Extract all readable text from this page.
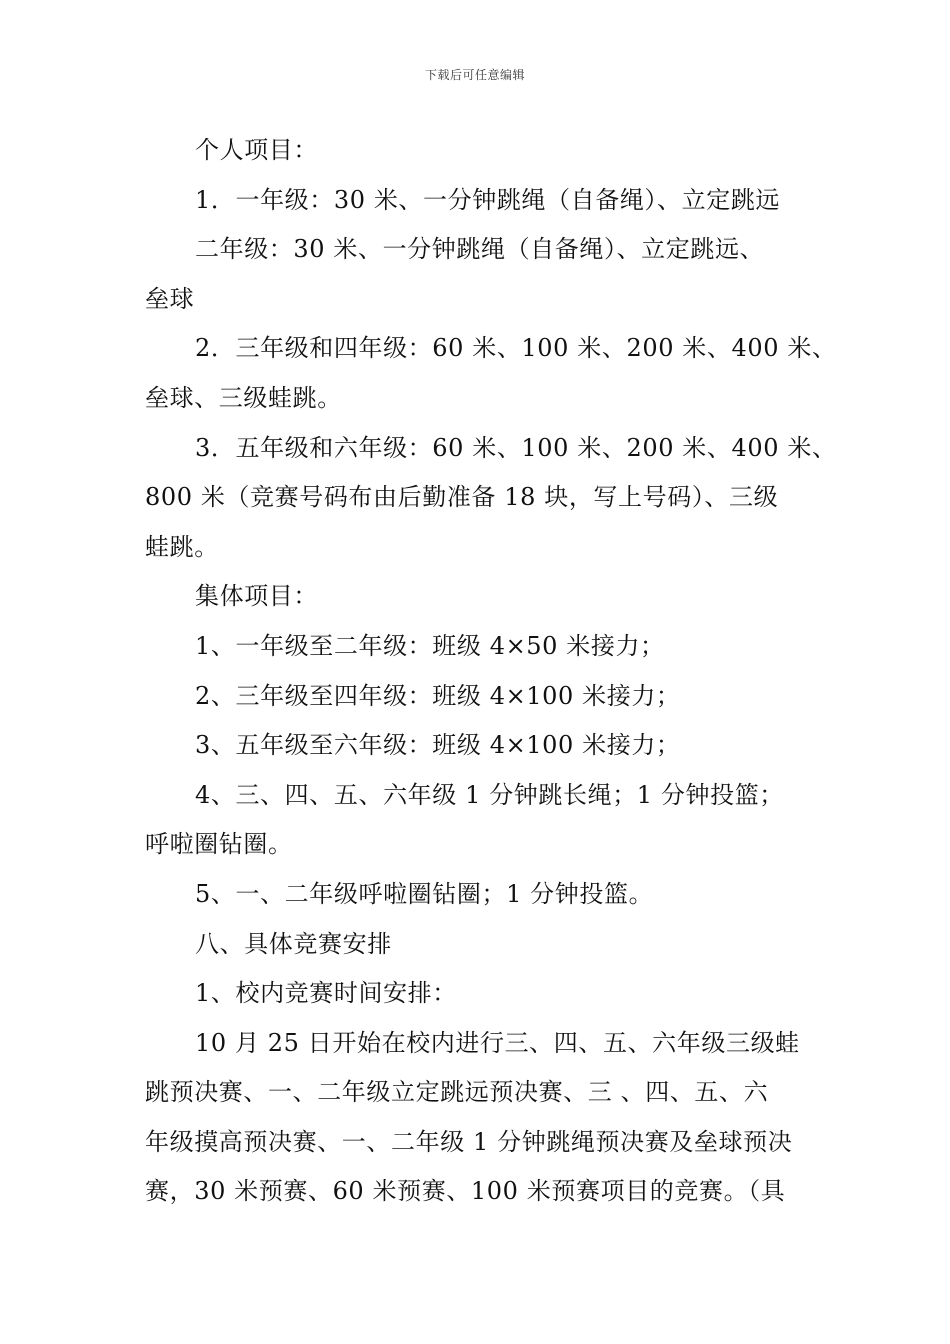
下载后可任意编辑
个人项目：
1．一年级：30 米、一分钟跳绳（自备绳）、立定跳远
二年级：30 米、一分钟跳绳（自备绳）、立定跳远、
垒球
2．三年级和四年级：60 米、100 米、200 米、400 米、
垒球、三级蛙跳。
3．五年级和六年级：60 米、100 米、200 米、400 米、
800 米（竞赛号码布由后勤准备 18 块，写上号码）、三级
蛙跳。
集体项目：
1、一年级至二年级：班级 4×50 米接力；
2、三年级至四年级：班级 4×100 米接力；
3、五年级至六年级：班级 4×100 米接力；
4、三、四、五、六年级 1 分钟跳长绳；1 分钟投篮；
呼啦圈钻圈。
5、一、二年级呼啦圈钻圈；1 分钟投篮。
八、具体竞赛安排
1、校内竞赛时间安排：
10 月 25 日开始在校内进行三、四、五、六年级三级蛙
跳预决赛、一、二年级立定跳远预决赛、三 、四、五、六
年级摸高预决赛、一、二年级 1 分钟跳绳预决赛及垒球预决
赛，30 米预赛、60 米预赛、100 米预赛项目的竞赛。（具
